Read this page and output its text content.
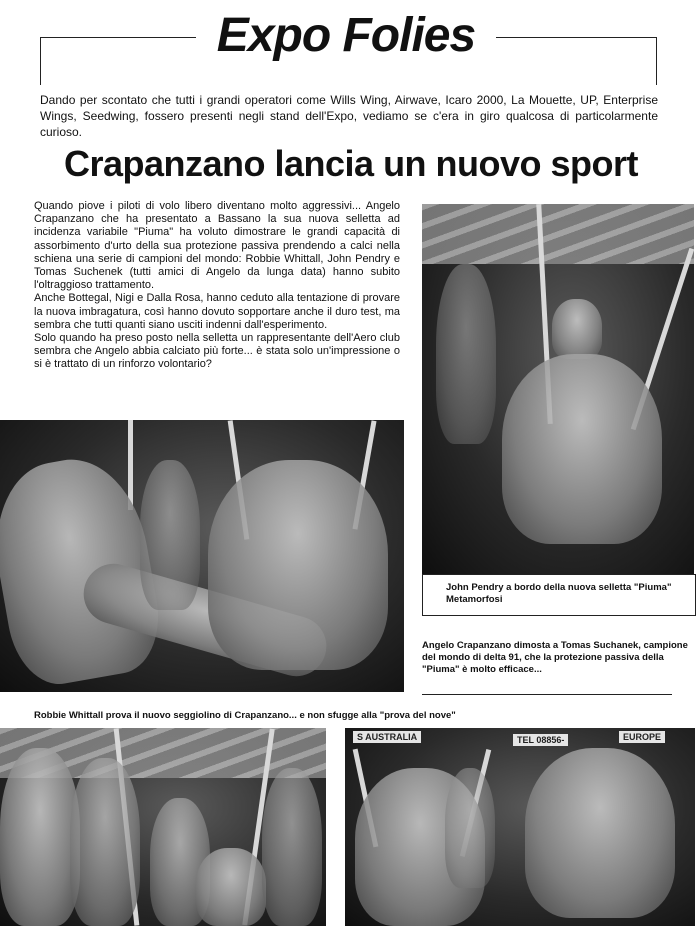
Expo Folies
Dando per scontato che tutti i grandi operatori come Wills Wing, Airwave, Icaro 2000, La Mouette, UP, Enterprise Wings, Seedwing, fossero presenti negli stand dell'Expo, vediamo se c'era in giro qualcosa di particolarmente curioso.
Crapanzano lancia un nuovo sport

Quando piove i piloti di volo libero diventano molto aggressivi... Angelo Crapanzano che ha presentato a Bassano la sua nuova selletta ad incidenza variabile "Piuma" ha voluto dimostrare le grandi capacità di assorbimento d'urto della sua protezione passiva prendendo a calci nella schiena una serie di campioni del mondo: Robbie Whittall, John Pendry e Tomas Suchenek (tutti amici di Angelo da lunga data) hanno subito l'oltraggioso trattamento.

Anche Bottegal, Nigi e Dalla Rosa, hanno ceduto alla tentazione di provare la nuova imbragatura, così hanno dovuto sopportare anche il duro test, ma sembra che tutti quanti siano usciti indenni dall'esperimento.

Solo quando ha preso posto nella selletta un rappresentante dell'Aero club sembra che Angelo abbia calciato più forte... è stata solo un'impressione o si è trattato di un rinforzo volontario?

John Pendry a bordo della nuova selletta "Piuma" Metamorfosi
Angelo Crapanzano dimosta a Tomas Suchanek, campione del mondo di delta 91, che la protezione passiva della "Piuma" è molto efficace...
Robbie Whittall prova il nuovo seggiolino di Crapanzano... e non sfugge alla "prova del nove"
S AUSTRALIA	TEL 08856-	EUROPE
